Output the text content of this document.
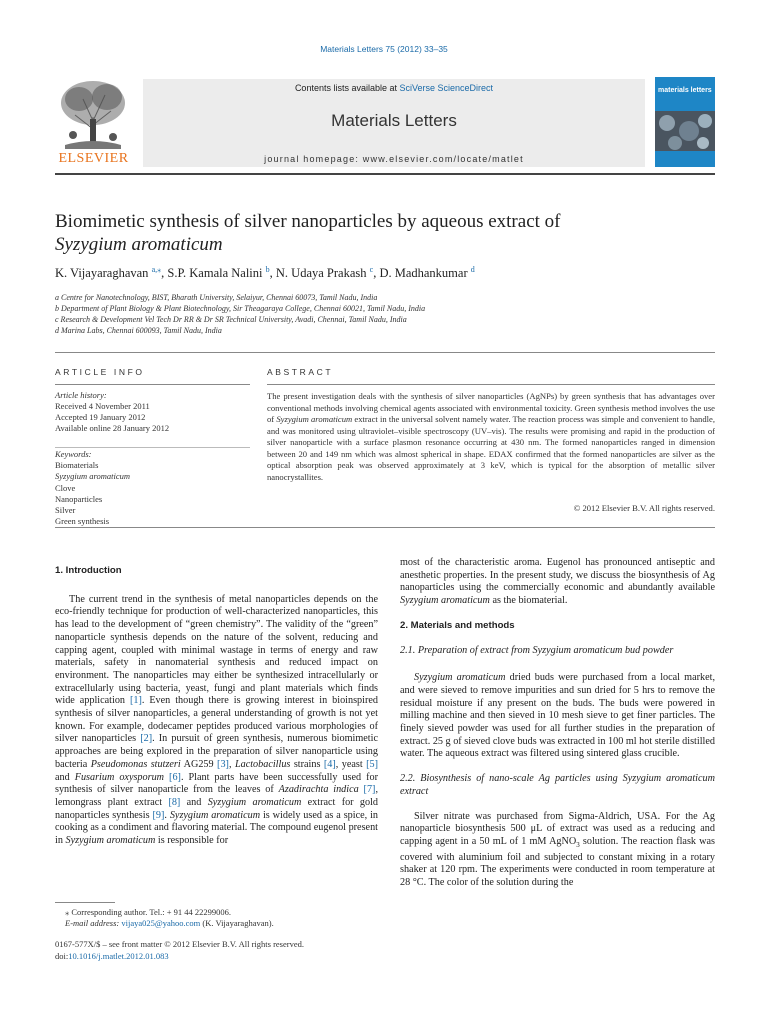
Materials Letters 75 (2012) 33–35
ELSEVIER
Contents lists available at SciVerse ScienceDirect
Materials Letters
journal homepage: www.elsevier.com/locate/matlet
materials letters
Biomimetic synthesis of silver nanoparticles by aqueous extract of
Syzygium aromaticum
K. Vijayaraghavan $^{a,⁎}$, S.P. Kamala Nalini $^b$, N. Udaya Prakash $^c$, D. Madhankumar $^d$
a Centre for Nanotechnology, BIST, Bharath University, Selaiyur, Chennai 60073, Tamil Nadu, India
b Department of Plant Biology & Plant Biotechnology, Sir Theagaraya College, Chennai 60021, Tamil Nadu, India
c Research & Development Vel Tech Dr RR & Dr SR Technical University, Avadi, Chennai, Tamil Nadu, India
d Marina Labs, Chennai 600093, Tamil Nadu, India
ARTICLE INFO	ABSTRACT
Article history:
Received 4 November 2011
Accepted 19 January 2012
Available online 28 January 2012
Keywords:
Biomaterials
Syzygium aromaticum
Clove
Nanoparticles
Silver
Green synthesis
The present investigation deals with the synthesis of silver nanoparticles (AgNPs) by green synthesis that has advantages over conventional methods involving chemical agents associated with environmental toxicity. Green synthesis method involves the use of Syzygium aromaticum extract in the universal solvent namely water. The reaction process was simple and convenient to handle, and was monitored using ultraviolet–visible spectroscopy (UV–vis). The results were promising and rapid in the production of silver nanoparticle with a surface plasmon resonance occurring at 430 nm. The formed nanoparticles ranged in dimension between 20 and 149 nm which was almost spherical in shape. EDAX confirmed that the formed nanoparticles are silver as the optical absorption peak was observed approximately at 3 keV, which is typical for the absorption of metallic silver nanocrystallites.
© 2012 Elsevier B.V. All rights reserved.

1. Introduction

The current trend in the synthesis of metal nanoparticles depends on the eco-friendly technique for production of well-characterized nanoparticles, this has lead to the development of “green chemistry”. The validity of the “green” nanoparticle synthesis depends on the nature of the solvent, reducing and capping agent, coupled with minimal wastage in terms of energy and raw materials, safety in nanomaterial synthesis and reduced impact on environment. The nanoparticles may either be synthesized intracellularly or extracellularly using bacteria, yeast, fungi and plant materials which finds wide application [1]. Even though there is growing interest in bioinspired synthesis of silver nanoparticles, a general understanding of growth is not yet known. For example, dodecamer peptides produced various morphologies of silver nanoparticles [2]. In pursuit of green synthesis, numerous biomimetic approaches are being explored in the preparation of silver nanoparticle using bacteria Pseudomonas stutzeri AG259 [3], Lactobacillus strains [4], yeast [5] and Fusarium oxysporum [6]. Plant parts have been successfully used for synthesis of silver nanoparticle from the leaves of Azadirachta indica [7], lemongrass plant extract [8] and Syzygium aromaticum extract for gold nanoparticles synthesis [9]. Syzygium aromaticum is widely used as a spice, in cooking as a condiment and flavoring material. The compound eugenol present in Syzygium aromaticum is responsible for

most of the characteristic aroma. Eugenol has pronounced antiseptic and anesthetic properties. In the present study, we discuss the biosynthesis of Ag nanoparticles using the commercially economic and abundantly available Syzygium aromaticum as the biomaterial.

2. Materials and methods

2.1. Preparation of extract from Syzygium aromaticum bud powder

Syzygium aromaticum dried buds were purchased from a local market, and were sieved to remove impurities and sun dried for 5 hrs to remove the residual moisture if any present on the buds. The buds were powered in milling machine and then sieved in 10 mesh sieve to get finer particles. The finely sieved powder was used for all further studies in the preparation of extract. 25 g of sieved clove buds was extracted in 100 ml hot sterile distilled water. The aqueous extract was filtered using sintered glass crucible.

2.2. Biosynthesis of nano-scale Ag particles using Syzygium aromaticum extract

Silver nitrate was purchased from Sigma-Aldrich, USA. For the Ag nanoparticle biosynthesis 500 μL of extract was used as a reducing and capping agent in a 50 mL of 1 mM AgNO$_3$ solution. The reaction flask was covered with aluminium foil and subjected to constant mixing in a rotary shaker at 120 rpm. The experiments were conducted in room temperature at 28 °C. The color of the solution during the

⁎ Corresponding author. Tel.: + 91 44 22299006.
E-mail address: vijaya025@yahoo.com (K. Vijayaraghavan).
0167-577X/$ – see front matter © 2012 Elsevier B.V. All rights reserved.
doi:10.1016/j.matlet.2012.01.083
